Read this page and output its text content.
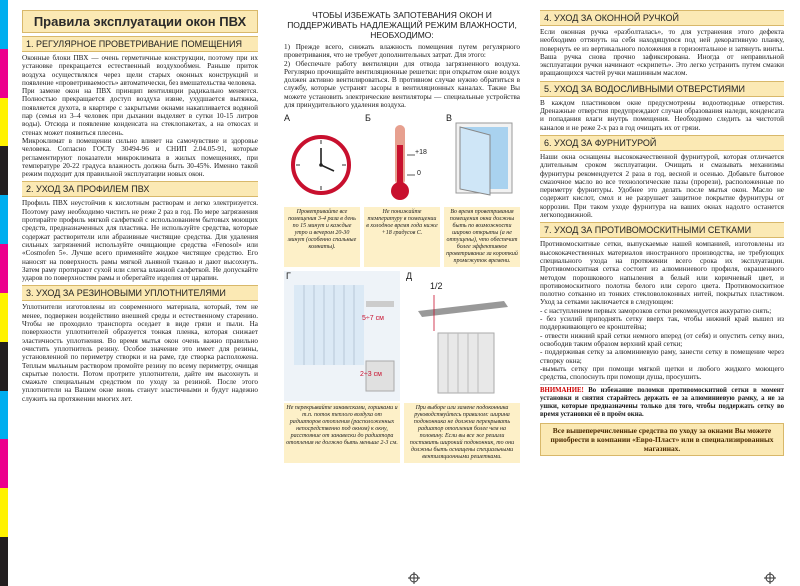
Правила эксплуатации окон ПВХ
1. РЕГУЛЯРНОЕ ПРОВЕТРИВАНИЕ ПОМЕЩЕНИЯ

Оконные блоки ПВХ — очень герметичные конструкции, поэтому при их установке прекращается естественный воздухообмен. Раньше приток воздуха осуществлялся через щели старых оконных конструкций и появление «проветриваемость» автоматически, без вмешательства человека.

При замене окон на ПВХ принцип вентиляции радикально меняется. Полностью прекращается доступ воздуха извне, ухудшается вытяжка, появляется духота, в квартире с закрытыми окнами накапливается водяной пар (семья из 3–4 человек при дыхании выделяет в сутки 10-15 литров воды). Отсюда и появление конденсата на стеклопакетах, а на откосах и стенах может появиться плесень.

Микроклимат в помещении сильно влияет на самочувствие и здоровье человека. Согласно ГОСТу 30494-96 и СНИП 2.04.05-91, которые регламентируют показатели микроклимата в жилых помещениях, при температуре 20-22 градуса влажность должна быть 30-45%. Именно такой режим подходит для правильной эксплуатации новых окон.

2. УХОД ЗА ПРОФИЛЕМ ПВХ

Профиль ПВХ неустойчив к кислотным растворам и легко электризуется. Поэтому раму необходимо чистить не реже 2 раз в год. По мере загрязнения протирайте профиль мягкой салфеткой с использованием бытовых моющих средств, предназначенных для пластика. Не используйте средства, которые содержат растворители или абразивные чистящие средства. Для удаления сильных загрязнений используйте очищающие средства «Fenosol» или «Cosmofen 5». Лучше всего применяйте жидкое чистящее средство. Его наносят на поверхность рамы мягкой льняной тканью и дают высохнуть. Затем раму протирают сухой или слегка влажной салфеткой. Не допускайте ударов по поверхностям рамы и оберегайте изделия от царапин.

3. УХОД ЗА РЕЗИНОВЫМИ УПЛОТНИТЕЛЯМИ

Уплотнители изготовлены из современного материала, который, тем не менее, подвержен воздействию внешней среды и естественному старению. Чтобы не проходило транспорта оседает в виде грязи и пыли. На поверхности уплотнителей образуется тонкая пленка, которая снижает эластичность уплотнения. Во время мытья окон очень важно правильно очистить уплотнитель резину. Особое значение это имеет для резины, установленной по периметру створки и на раме, где створка расположена. Теплым мыльным раствором промойте резину по всему периметру, очищая скрытые полости. Потом протрите уплотнители, дайте им высохнуть и смажьте специальным средством по уходу за резиной. После этого уплотнители на Вашем окне вновь станут эластичными и будут надежно служить на протяжении многих лет.

ЧТОБЫ ИЗБЕЖАТЬ ЗАПОТЕВАНИЯ ОКОН И ПОДДЕРЖИВАТЬ НАДЛЕЖАЩИЙ РЕЖИМ ВЛАЖНОСТИ, НЕОБХОДИМО:

1) Прежде всего, снижать влажность помещения путем регулярного проветривания, что не требует дополнительных затрат. Для этого:

2) Обеспечьте работу вентиляции для отвода загрязненного воздуха. Регулярно прочищайте вентиляционные решетки: при открытом окне воздух должен активно вентилироваться. В противном случае нужно обратиться в службу, которые устранят засоры в вентиляционных каналах. Также Вы можете установить электрические вентиляторы — специальные устройства для принудительного удаления воздуха.

А	Б
+18
0
В
Проветривайте все помещения 3-4 раза в день по 15 минут и каждые утро и вечером 20-30 минут (особенно спальные комнаты).
Не понижайте температуру в помещении в холодное время года ниже +18 градусов С.
Во время проветривания помещения окна должны быть по возможности широко открыты (а не отпущены), что обеспечит более эффективное проветривание за короткий промежуток времени.
Г
5÷7 см
2÷3 см
Д
1/2
Не перекрывайте занавесками, горшками и т.п. поток теплого воздуха от радиаторов отопления (расположенных непосредственно под окном) к окну, расстояние от занавески до радиатора отопления не должно быть меньше 2-3 см.
При выборе или замене подоконника руководствуйтесь правилом: ширина подоконника не должна перекрывать радиатор отопления более чем на половину. Если вы все же решили поставить широкий подоконник, то они должны быть оснащены специальными вентиляционными решетками.
4. УХОД ЗА ОКОННОЙ РУЧКОЙ

Если оконная ручка «разболталась», то для устранения этого дефекта необходимо оттянуть на себя находящуюся под ней декоративную планку, повернуть ее из вертикального положения в горизонтальное и затянуть винты. Ваша ручка снова прочно зафиксирована. Иногда от неправильной эксплуатации ручки начинают «скрипеть». Это легко устранить путем смазки вращающихся частей ручки машинным маслом.

5. УХОД ЗА ВОДОСЛИВНЫМИ ОТВЕРСТИЯМИ

В каждом пластиковом окне предусмотрены водоотводные отверстия. Дренажные отверстия предупреждают случаи образования наледи, конденсата и попадания влаги внутрь помещения. Необходимо следить за чистотой каналов и не реже 2-х раз в год очищать их от грязи.

6. УХОД ЗА ФУРНИТУРОЙ

Наши окна оснащены высококачественной фурнитурой, которая отличается длительным сроком эксплуатации. Очищать и смазывать механизмы фурнитуры рекомендуется 2 раза в год, весной и осенью. Добавьте бытовое смазочное масло во все технологические пазы (прорези), расположенные по периметру фурнитуры. Удобнее это делать после мытья окон. Масло не содержит кислот, смол и не разрушает защитное покрытие фурнитуры от коррозии. При таком уходе фурнитура на ваших окнах надолго останется легкоподвижной.

7. УХОД ЗА ПРОТИВОМОСКИТНЫМИ СЕТКАМИ

Противомоскитные сетки, выпускаемые нашей компанией, изготовлены из высококачественных материалов иностранного производства, не требующих специального ухода на протяжении всего срока их эксплуатации. Противомоскитная сетка состоит из алюминиевого профиля, окрашенного методом порошкового напыления в белый или коричневый цвет, и противомоскитного полотна белого или серого цвета. Противомоскитное полотно сотканно из тонких стекловолоконных нитей, покрытых пластиком. Уход за сетками заключается в следующем:

- с наступлением первых заморозков сетки рекомендуется аккуратно снять;

- без усилий приподнять сетку вверх так, чтобы нижний край вышел из поддерживающего ее кронштейна;

- отвести нижний край сетки немного вперед (от себя) и опустить сетку вниз, освободив таким образом верхний край сетки;

- поддерживая сетку за алюминиевую раму, занести сетку в помещение через створку окна;

-вымыть сетку при помощи мягкой щетки и любого жидкого моющего средства, сполоснуть при помощи душа, просушить.

ВНИМАНИЕ! Во избежание поломки противомоскитной сетки в момент установки и снятия старайтесь держать ее за алюминиевую рамку, а не за ушки, которые предназначены только для того, чтобы поддержать сетку во время установки её в проём окна.

Все вышеперечисленные средства по уходу за окнами Вы можете приобрести в компании «Евро-Пласт» или в специализированных магазинах.
